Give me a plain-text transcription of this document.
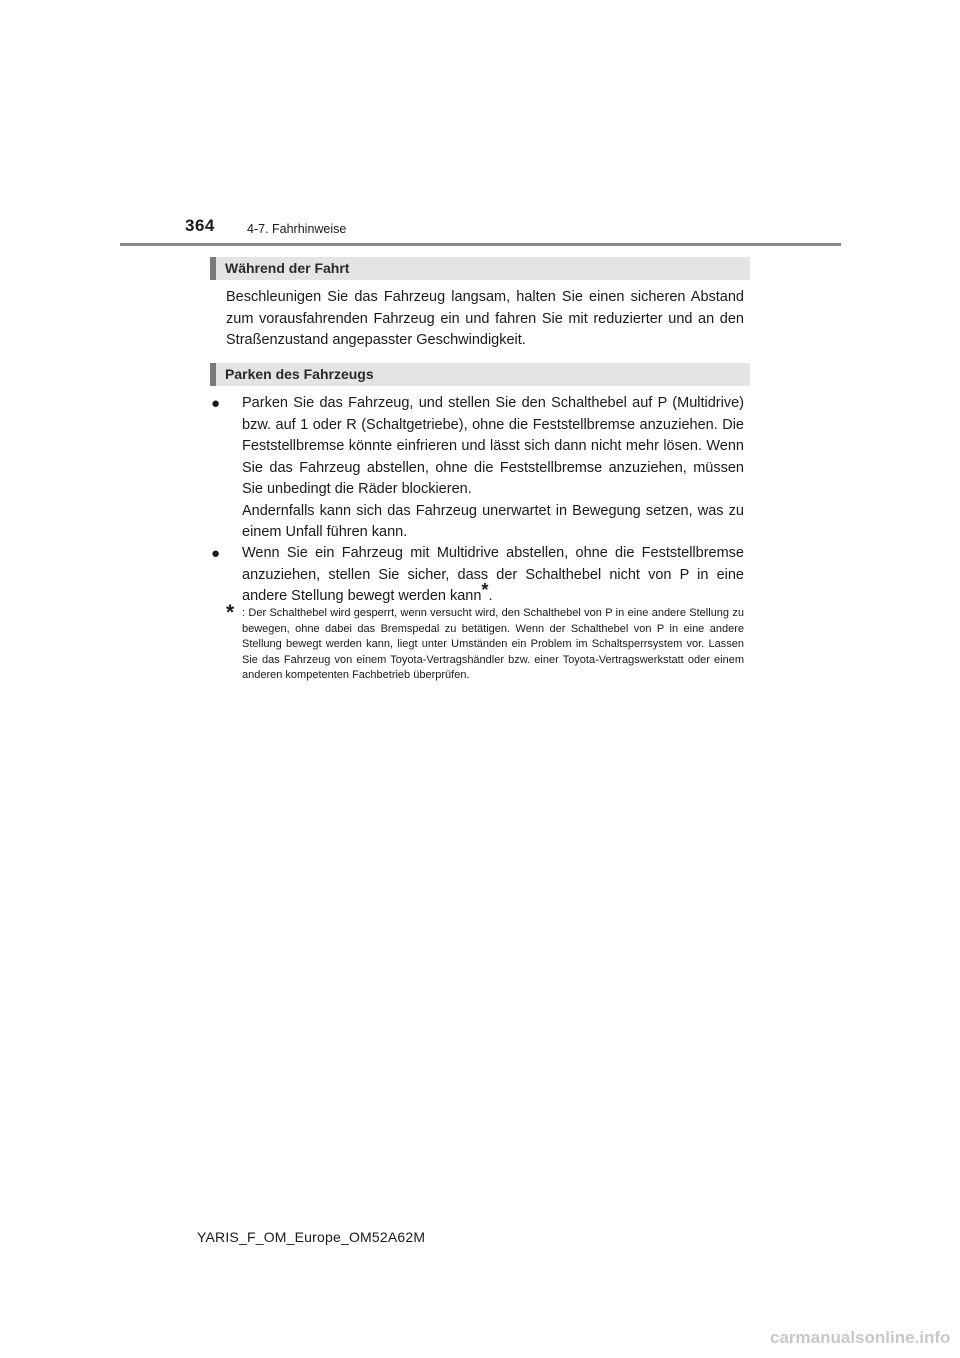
364	4-7. Fahrhinweise
Während der Fahrt

Beschleunigen Sie das Fahrzeug langsam, halten Sie einen sicheren Abstand zum vorausfahrenden Fahrzeug ein und fahren Sie mit reduzierter und an den Straßenzustand angepasster Geschwindigkeit.

Parken des Fahrzeugs
● Parken Sie das Fahrzeug, und stellen Sie den Schalthebel auf P (Multidrive) bzw. auf 1 oder R (Schaltgetriebe), ohne die Feststellbremse anzuziehen. Die Feststellbremse könnte einfrieren und lässt sich dann nicht mehr lösen. Wenn Sie das Fahrzeug abstellen, ohne die Feststellbremse anzuziehen, müssen Sie unbedingt die Räder blockieren.
Andernfalls kann sich das Fahrzeug unerwartet in Bewegung setzen, was zu einem Unfall führen kann.
● Wenn Sie ein Fahrzeug mit Multidrive abstellen, ohne die Feststellbremse anzuziehen, stellen Sie sicher, dass der Schalthebel nicht von P in eine andere Stellung bewegt werden kann*.
* : Der Schalthebel wird gesperrt, wenn versucht wird, den Schalthebel von P in eine andere Stellung zu bewegen, ohne dabei das Bremspedal zu betätigen. Wenn der Schalthebel von P in eine andere Stellung bewegt werden kann, liegt unter Umständen ein Problem im Schaltsperrsystem vor. Lassen Sie das Fahrzeug von einem Toyota-Vertragshändler bzw. einer Toyota-Vertragswerkstatt oder einem anderen kompetenten Fachbetrieb überprüfen.
YARIS_F_OM_Europe_OM52A62M
carmanualsonline.info
